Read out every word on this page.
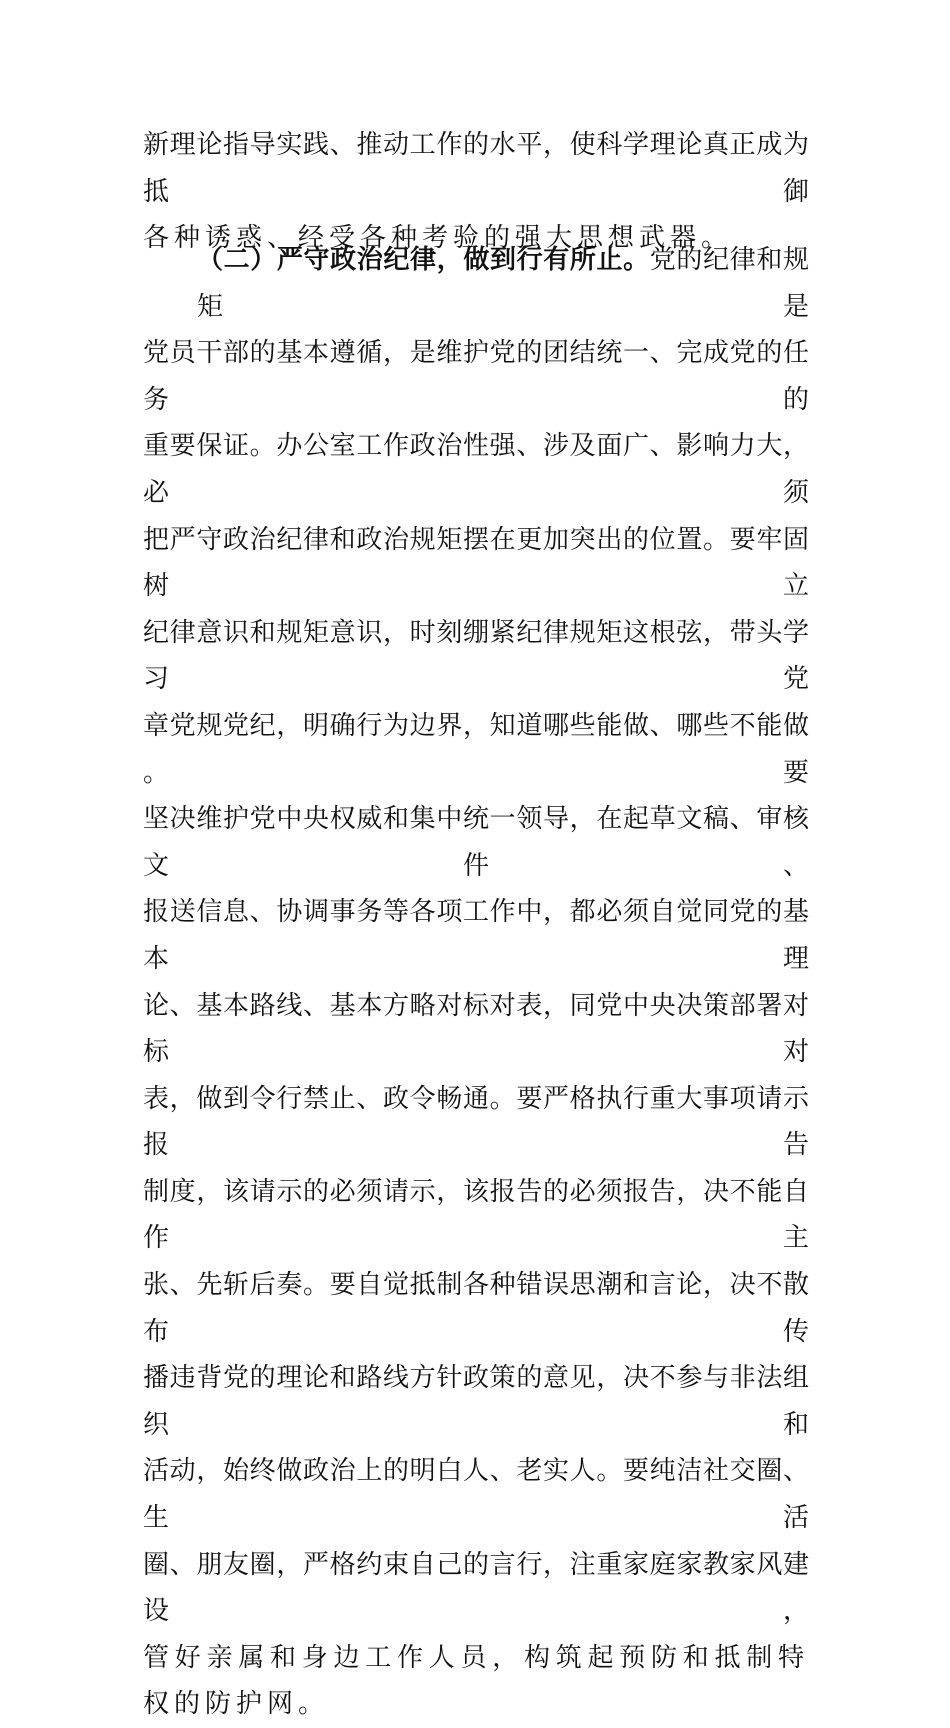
新理论指导实践、推动工作的水平，使科学理论真正成为抵御
各种诱惑、经受各种考验的强大思想武器。
（二）严守政治纪律，做到行有所止。党的纪律和规矩是
党员干部的基本遵循，是维护党的团结统一、完成党的任务的
重要保证。办公室工作政治性强、涉及面广、影响力大，必须
把严守政治纪律和政治规矩摆在更加突出的位置。要牢固树立
纪律意识和规矩意识，时刻绷紧纪律规矩这根弦，带头学习党
章党规党纪，明确行为边界，知道哪些能做、哪些不能做。要
坚决维护党中央权威和集中统一领导，在起草文稿、审核文件、
报送信息、协调事务等各项工作中，都必须自觉同党的基本理
论、基本路线、基本方略对标对表，同党中央决策部署对标对
表，做到令行禁止、政令畅通。要严格执行重大事项请示报告
制度，该请示的必须请示，该报告的必须报告，决不能自作主
张、先斩后奏。要自觉抵制各种错误思潮和言论，决不散布传
播违背党的理论和路线方针政策的意见，决不参与非法组织和
活动，始终做政治上的明白人、老实人。要纯洁社交圈、生活
圈、朋友圈，严格约束自己的言行，注重家庭家教家风建设，
管好亲属和身边工作人员，构筑起预防和抵制特权的防护网。
